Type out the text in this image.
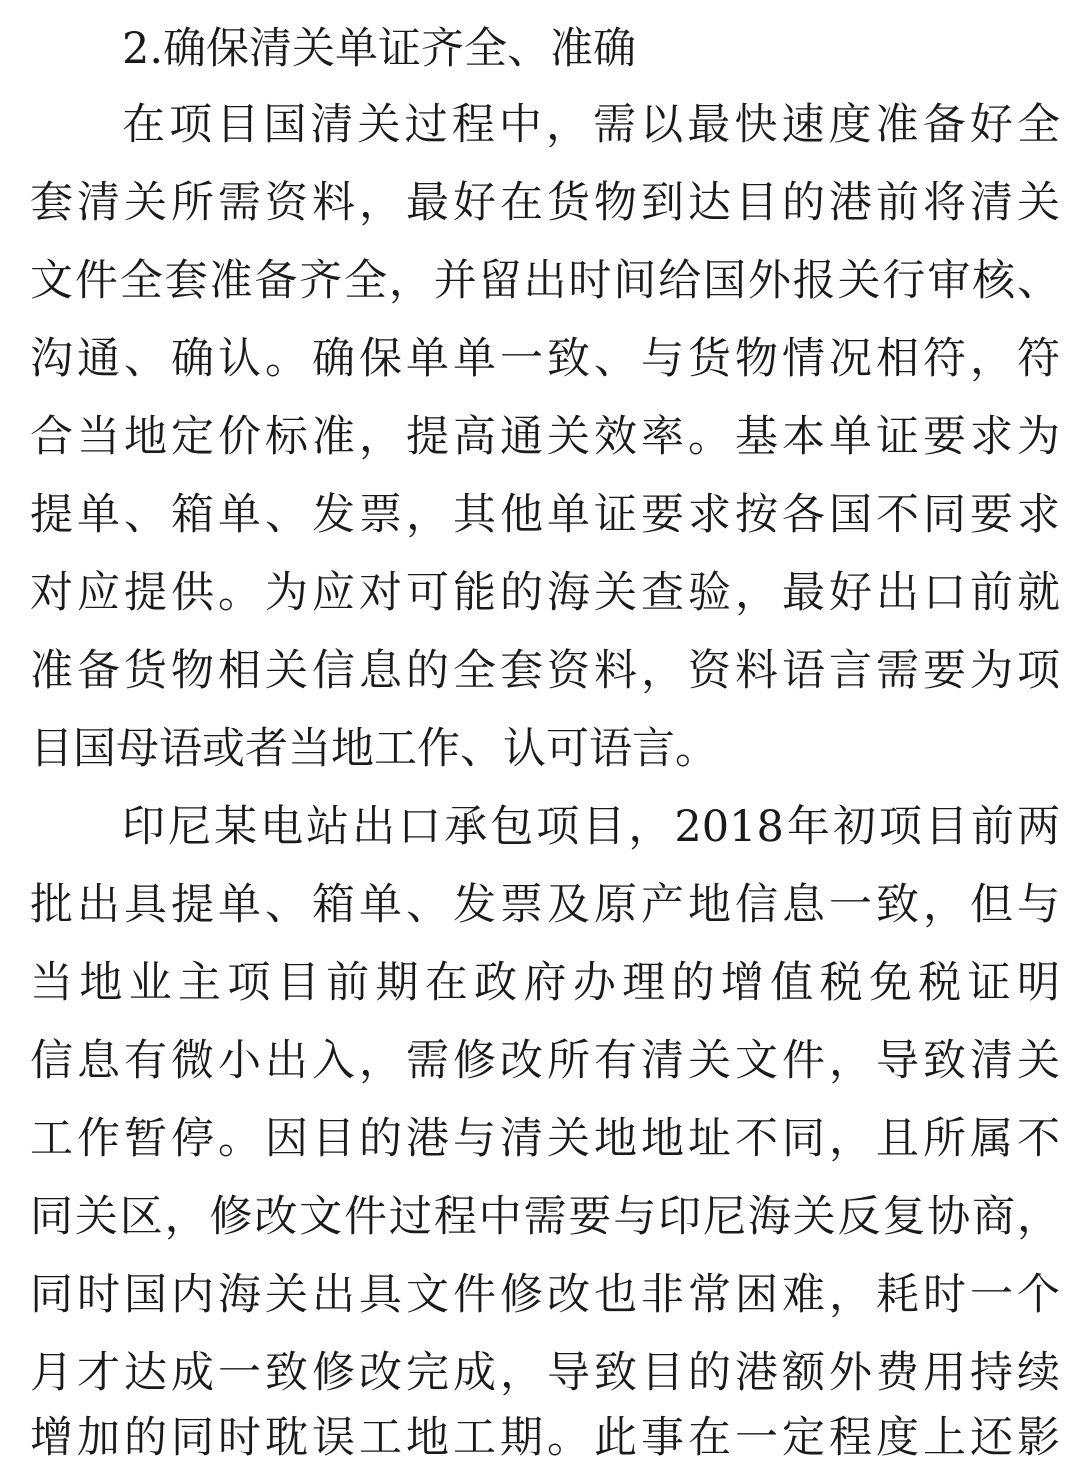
2.确保清关单证齐全、准确
在项目国清关过程中，需以最快速度准备好全
套清关所需资料，最好在货物到达目的港前将清关
文件全套准备齐全，并留出时间给国外报关行审核、
沟通、确认。确保单单一致、与货物情况相符，符
合当地定价标准，提高通关效率。基本单证要求为
提单、箱单、发票，其他单证要求按各国不同要求
对应提供。为应对可能的海关查验，最好出口前就
准备货物相关信息的全套资料，资料语言需要为项
目国母语或者当地工作、认可语言。
印尼某电站出口承包项目，2018年初项目前两
批出具提单、箱单、发票及原产地信息一致，但与
当地业主项目前期在政府办理的增值税免税证明
信息有微小出入，需修改所有清关文件，导致清关
工作暂停。因目的港与清关地地址不同，且所属不
同关区，修改文件过程中需要与印尼海关反复协商，
同时国内海关出具文件修改也非常困难，耗时一个
月才达成一致修改完成，导致目的港额外费用持续
增加的同时耽误工地工期。此事在一定程度上还影
